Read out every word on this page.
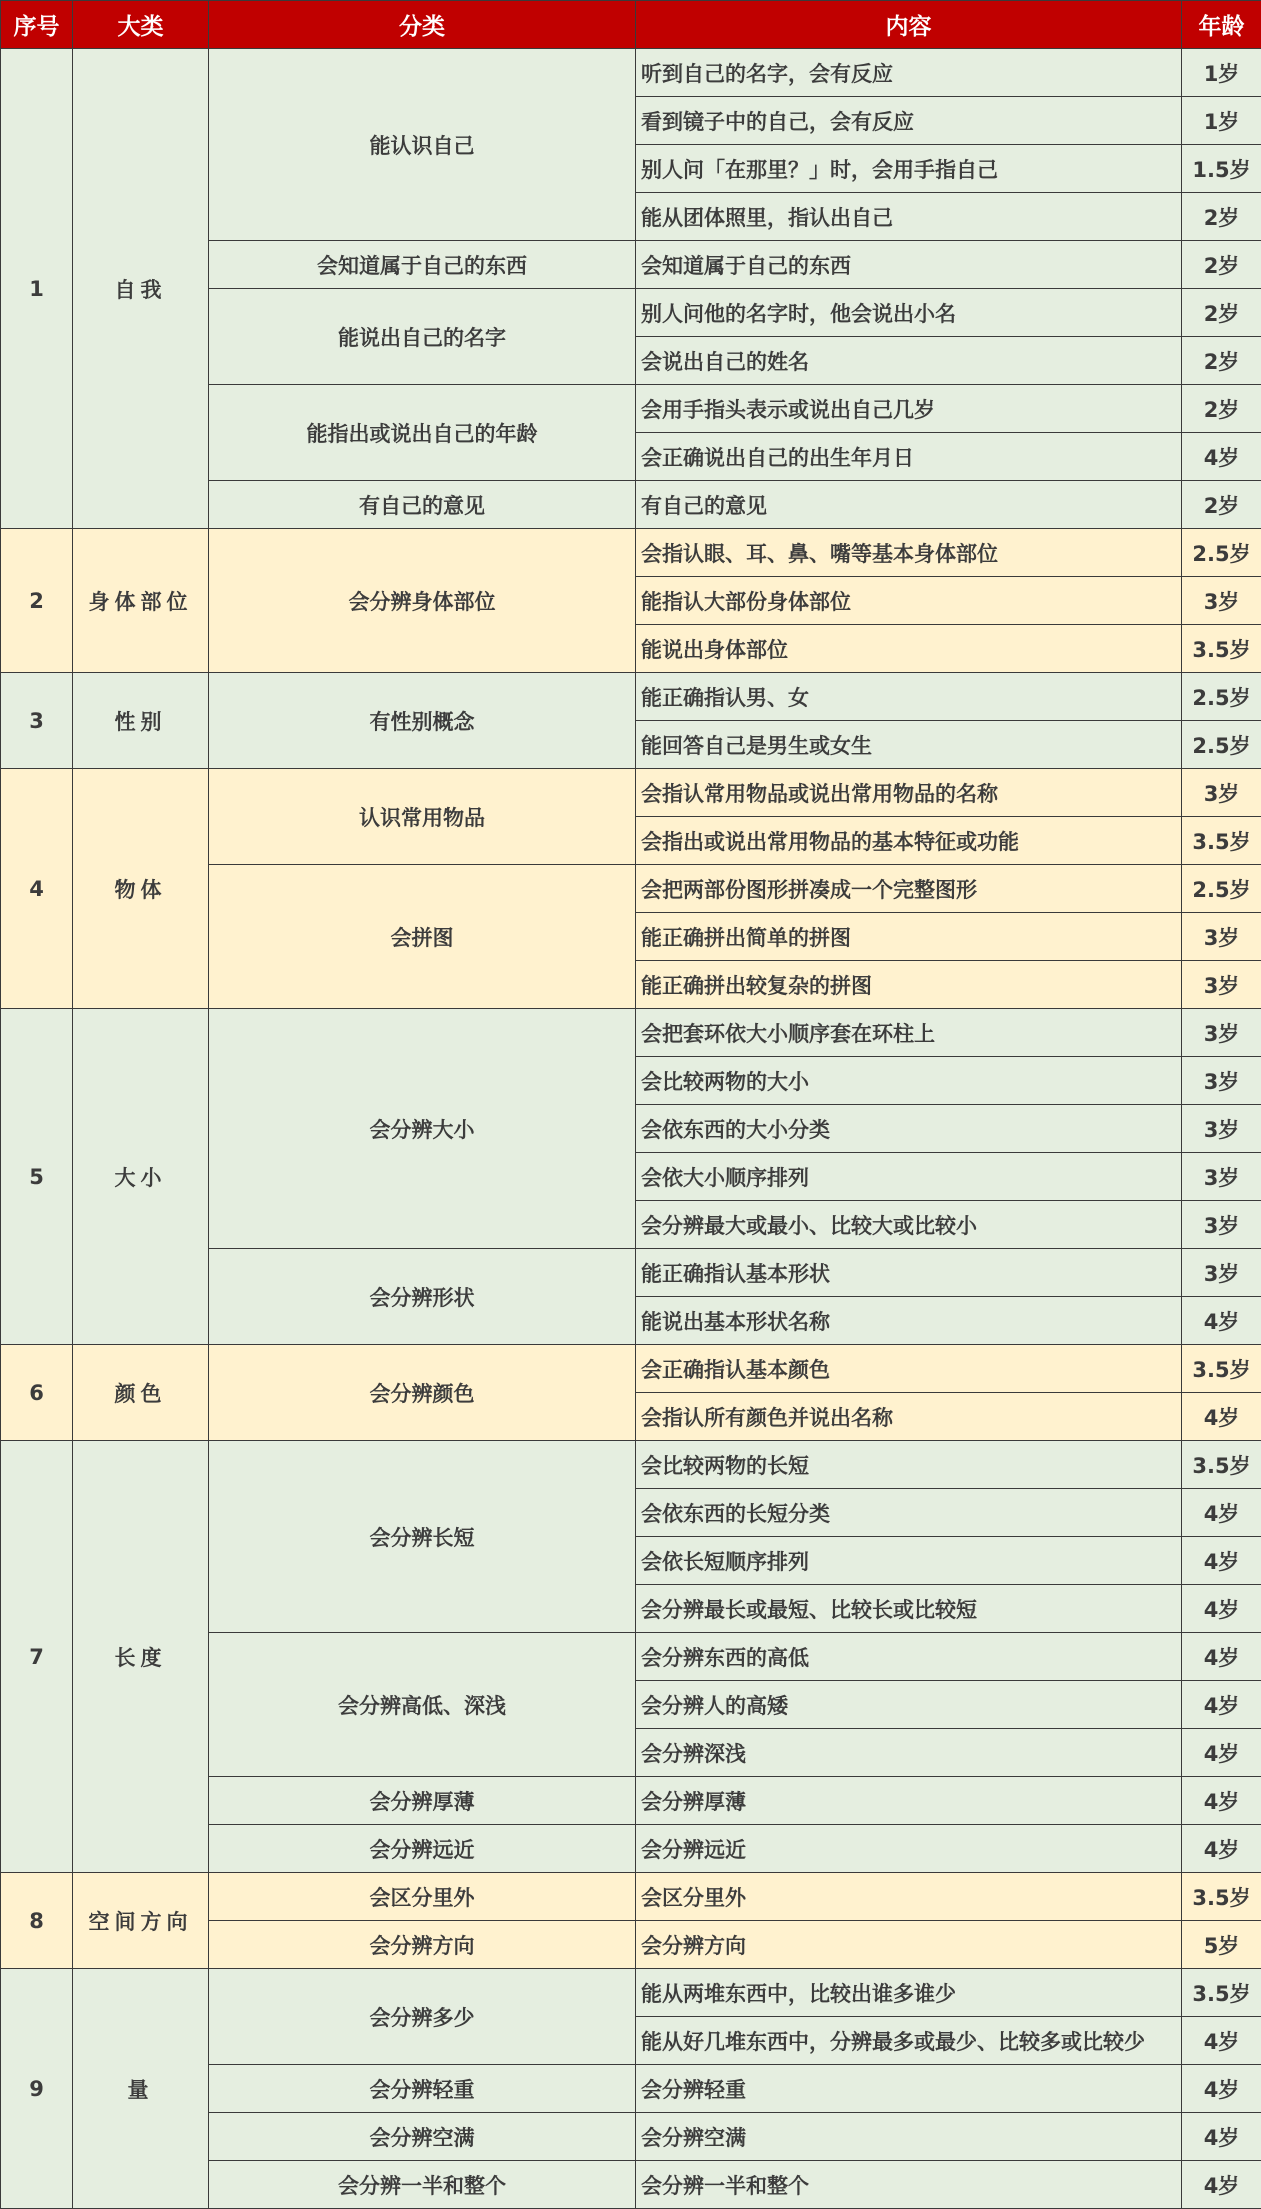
序号	大类	分类	内容	年龄
1	自我	能认识自己	听到自己的名字，会有反应	1岁
			看到镜子中的自己，会有反应	1岁
			别人问「在那里？」时，会用手指自己	1.5岁
			能从团体照里，指认出自己	2岁
		会知道属于自己的东西	会知道属于自己的东西	2岁
		能说出自己的名字	别人问他的名字时，他会说出小名	2岁
			会说出自己的姓名	2岁
		能指出或说出自己的年龄	会用手指头表示或说出自己几岁	2岁
			会正确说出自己的出生年月日	4岁
		有自己的意见	有自己的意见	2岁
2	身体部位	会分辨身体部位	会指认眼、耳、鼻、嘴等基本身体部位	2.5岁
			能指认大部份身体部位	3岁
			能说出身体部位	3.5岁
3	性别	有性别概念	能正确指认男、女	2.5岁
			能回答自己是男生或女生	2.5岁
4	物体	认识常用物品	会指认常用物品或说出常用物品的名称	3岁
			会指出或说出常用物品的基本特征或功能	3.5岁
		会拼图	会把两部份图形拼凑成一个完整图形	2.5岁
			能正确拼出简单的拼图	3岁
			能正确拼出较复杂的拼图	3岁
5	大小	会分辨大小	会把套环依大小顺序套在环柱上	3岁
			会比较两物的大小	3岁
			会依东西的大小分类	3岁
			会依大小顺序排列	3岁
			会分辨最大或最小、比较大或比较小	3岁
		会分辨形状	能正确指认基本形状	3岁
			能说出基本形状名称	4岁
6	颜色	会分辨颜色	会正确指认基本颜色	3.5岁
			会指认所有颜色并说出名称	4岁
7	长度	会分辨长短	会比较两物的长短	3.5岁
			会依东西的长短分类	4岁
			会依长短顺序排列	4岁
			会分辨最长或最短、比较长或比较短	4岁
		会分辨高低、深浅	会分辨东西的高低	4岁
			会分辨人的高矮	4岁
			会分辨深浅	4岁
		会分辨厚薄	会分辨厚薄	4岁
		会分辨远近	会分辨远近	4岁
8	空间方向	会区分里外	会区分里外	3.5岁
		会分辨方向	会分辨方向	5岁
9	量	会分辨多少	能从两堆东西中，比较出谁多谁少	3.5岁
			能从好几堆东西中，分辨最多或最少、比较多或比较少	4岁
		会分辨轻重	会分辨轻重	4岁
		会分辨空满	会分辨空满	4岁
		会分辨一半和整个	会分辨一半和整个	4岁
